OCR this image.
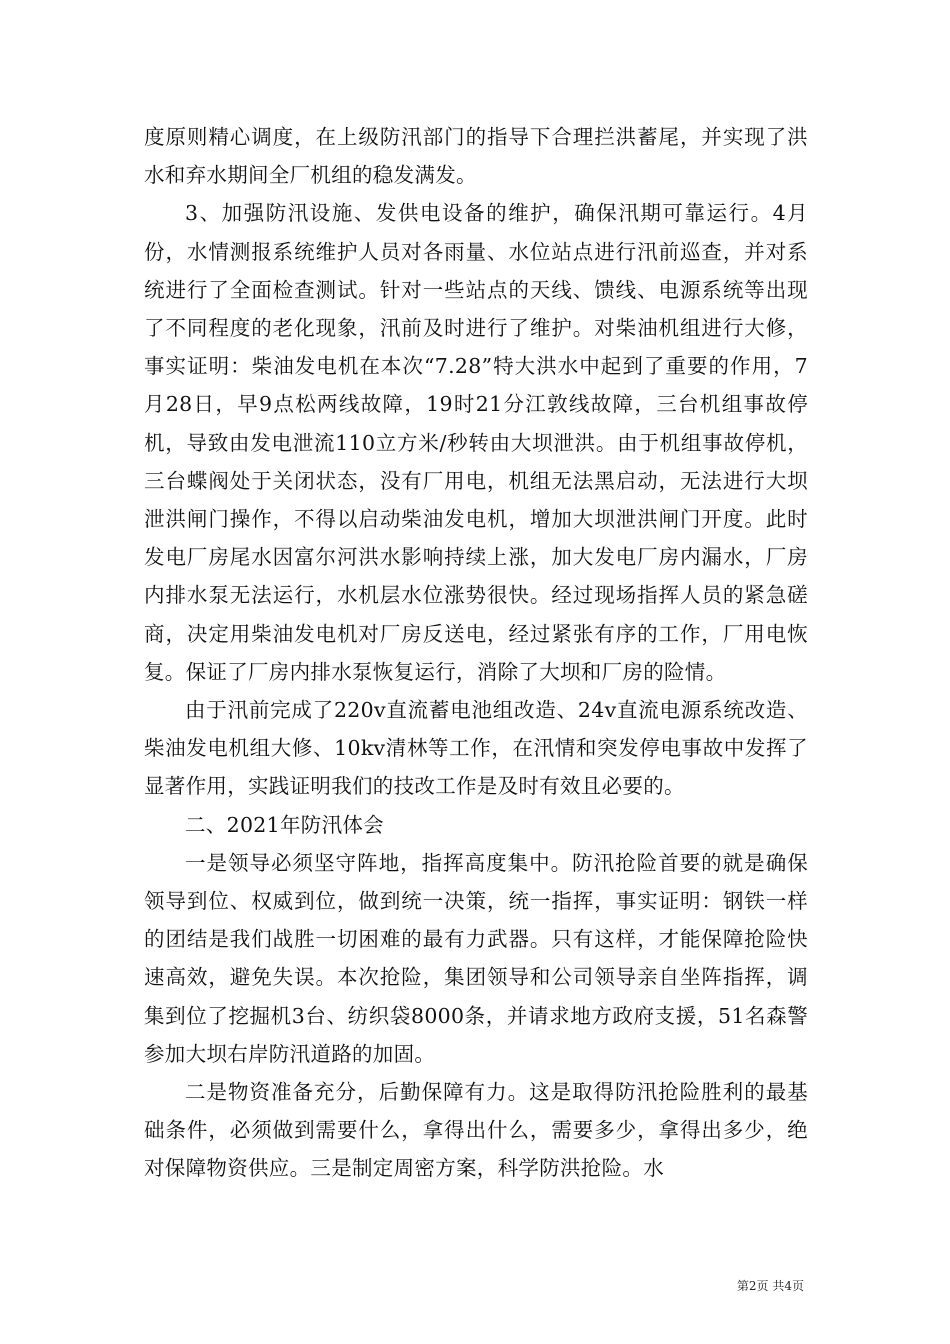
度原则精心调度，在上级防汛部门的指导下合理拦洪蓄尾，并实现了洪水和弃水期间全厂机组的稳发满发。

3、加强防汛设施、发供电设备的维护，确保汛期可靠运行。4月份，水情测报系统维护人员对各雨量、水位站点进行汛前巡查，并对系统进行了全面检查测试。针对一些站点的天线、馈线、电源系统等出现了不同程度的老化现象，汛前及时进行了维护。对柴油机组进行大修，事实证明：柴油发电机在本次“7.28”特大洪水中起到了重要的作用，7月28日，早9点松两线故障，19时21分江敦线故障，三台机组事故停机，导致由发电泄流110立方米/秒转由大坝泄洪。由于机组事故停机，三台蝶阀处于关闭状态，没有厂用电，机组无法黑启动，无法进行大坝泄洪闸门操作，不得以启动柴油发电机，增加大坝泄洪闸门开度。此时发电厂房尾水因富尔河洪水影响持续上涨，加大发电厂房内漏水，厂房内排水泵无法运行，水机层水位涨势很快。经过现场指挥人员的紧急磋商，决定用柴油发电机对厂房反送电，经过紧张有序的工作，厂用电恢复。保证了厂房内排水泵恢复运行，消除了大坝和厂房的险情。

由于汛前完成了220v直流蓄电池组改造、24v直流电源系统改造、柴油发电机组大修、10kv清林等工作，在汛情和突发停电事故中发挥了显著作用，实践证明我们的技改工作是及时有效且必要的。

二、2021年防汛体会

一是领导必须坚守阵地，指挥高度集中。防汛抢险首要的就是确保领导到位、权威到位，做到统一决策，统一指挥，事实证明：钢铁一样的团结是我们战胜一切困难的最有力武器。只有这样，才能保障抢险快速高效，避免失误。本次抢险，集团领导和公司领导亲自坐阵指挥，调集到位了挖掘机3台、纺织袋8000条，并请求地方政府支援，51名森警参加大坝右岸防汛道路的加固。

二是物资准备充分，后勤保障有力。这是取得防汛抢险胜利的最基础条件，必须做到需要什么，拿得出什么，需要多少，拿得出多少，绝对保障物资供应。三是制定周密方案，科学防洪抢险。水

第2页 共4页
